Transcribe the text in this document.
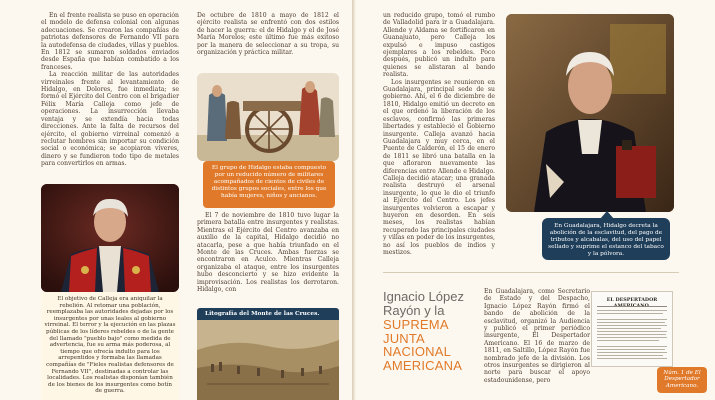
En el frente realista se puso en operación el modelo de defensa colonial con algunas adecuaciones. Se crearon las compañías de patriotas defensores de Fernando VII para la autodefensa de ciudades, villas y pueblos. En 1812 se sumaron soldados enviados desde España que habían combatido a los franceses.

La reacción militar de las autoridades virreinales frente al levantamiento de Hidalgo, en Dolores, fue inmediata; se formó el Ejército del Centro con el brigadier Félix María Calleja como jefe de operaciones. La insurrección llevaba ventaja y se extendía hacia todas direcciones. Ante la falta de recursos del ejército, el gobierno virreinal comenzó a reclutar hombres sin importar su condición social o económica; se acopiaron víveres, dinero y se fundieron todo tipo de metales para convertirlos en armas.

El objetivo de Calleja era aniquilar la rebelión. Al retomar una población, reemplazaba las autoridades dejadas por los insurgentes por unas leales al gobierno virreinal. El terror y la ejecución en las plazas públicas de los líderes rebeldes o de la gente del llamado "pueblo bajo" como medida de advertencia, fue su arma más poderosa, al tiempo que ofrecía indulto para los arrepentidos y formaba las llamadas compañías de "Fieles realistas defensores de Fernando VII", destinadas a controlar las localidades. Los realistas disponían también de los bienes de los insurgentes como botín de guerra.

De octubre de 1810 a mayo de 1812 el ejército realista se enfrentó con dos estilos de hacer la guerra: el de Hidalgo y el de José María Morelos; este último fue más exitoso por la manera de seleccionar a su tropa, su organización y práctica militar.

El grupo de Hidalgo estaba compuesto por un reducido número de militares acompañados de cientos de civiles de distintos grupos sociales, entre los que había mujeres, niños y ancianos.

El 7 de noviembre de 1810 tuvo lugar la primera batalla entre insurgentes y realistas. Mientras el Ejército del Centro avanzaba en auxilio de la capital, Hidalgo decidió no atacarla, pese a que había triunfado en el Monte de las Cruces. Ambas fuerzas se encontraron en Aculco. Mientras Calleja organizaba el ataque, entre los insurgentes hubo desconcierto y se hizo evidente la improvisación. Los realistas los derrotaron. Hidalgo, con

Litografía del Monte de las Cruces.

un reducido grupo, tomó el rumbo de Valladolid para ir a Guadalajara. Allende y Aldama se fortificaron en Guanajuato, pero Calleja los expulsó e impuso castigos ejemplares a los rebeldes. Poco después, publicó un indulto para quienes se alistaran al bando realista.

Los insurgentes se reunieron en Guadalajara, principal sede de su gobierno. Ahí, el 6 de diciembre de 1810, Hidalgo emitió un decreto en el que ordenó la liberación de los esclavos, confirmó las primeras libertades y estableció el Gobierno insurgente. Calleja avanzó hacia Guadalajara y muy cerca, en el Puente de Calderón, el 15 de enero de 1811 se libró una batalla en la que afloraron nuevamente las diferencias entre Allende e Hidalgo. Calleja decidió atacar; una granada realista destruyó el arsenal insurgente, lo que le dio el triunfo al Ejército del Centro. Los jefes insurgentes volvieron a escapar y huyeron en desorden. En seis meses, los realistas habían recuperado las principales ciudades y villas en poder de los insurgentes, no así los pueblos de indios y mestizos.

En Guadalajara, Hidalgo decreta la abolición de la esclavitud, del pago de tributos y alcabalas, del uso del papel sellado y suprime el estanco del tabaco y la pólvora.

En Guadalajara, como Secretario de Estado y del Despacho, Ignacio López Rayón firmó el bando de abolición de la esclavitud, organizó la Audiencia y publicó el primer periódico insurgente, El Despertador Americano. El 16 de marzo de 1811, en Saltillo, López Rayón fue nombrado jefe de la división. Los otros insurgentes se dirigieron al norte para buscar el apoyo estadounidense, pero

EL DESPERTADOR
Núm. 1 de El Despertador Americano.
Ignacio López
Rayón y la
SUPREMA
JUNTA
NACIONAL
AMERICANA
